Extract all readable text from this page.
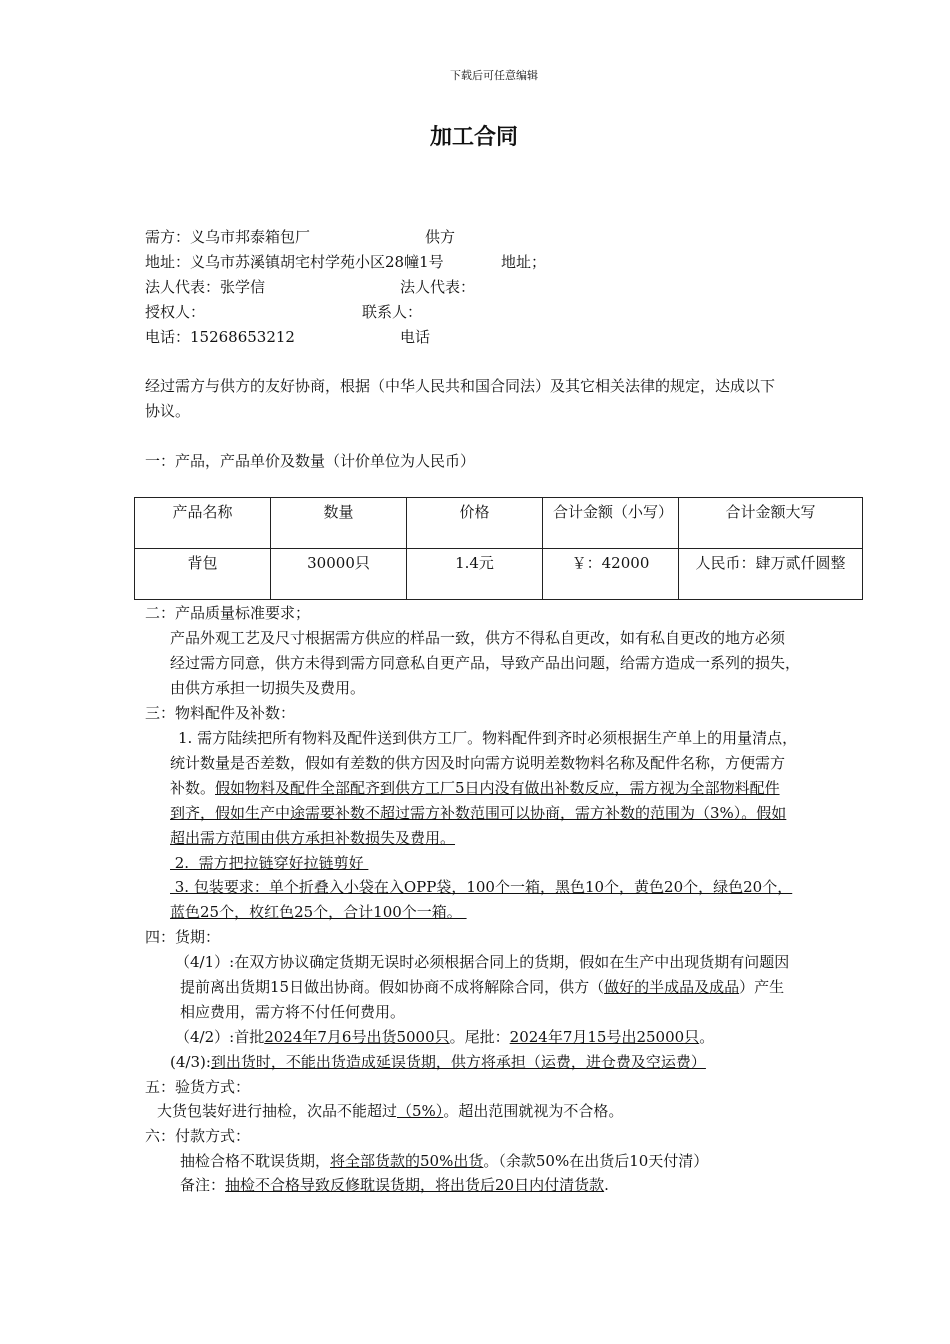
下载后可任意编辑
加工合同
需方：义乌市邦泰箱包厂	供方
地址：义乌市苏溪镇胡宅村学苑小区28幢1号	地址；
法人代表：张学信	法人代表：
授权人：	联系人：
电话：15268653212	电话
经过需方与供方的友好协商，根据（中华人民共和国合同法）及其它相关法律的规定，达成以下
协议。
一：产品，产品单价及数量（计价单位为人民币）
产品名称	数量	价格	合计金额（小写）	合计金额大写
背包	30000只	1.4元	￥：42000	人民币：肆万贰仟圆整
二：产品质量标准要求；
产品外观工艺及尺寸根据需方供应的样品一致，供方不得私自更改，如有私自更改的地方必须
经过需方同意，供方未得到需方同意私自更产品，导致产品出问题，给需方造成一系列的损失，
由供方承担一切损失及费用。
三：物料配件及补数：
1. 需方陆续把所有物料及配件送到供方工厂。物料配件到齐时必须根据生产单上的用量清点，
统计数量是否差数，假如有差数的供方因及时向需方说明差数物料名称及配件名称，方便需方
补数。假如物料及配件全部配齐到供方工厂5日内没有做出补数反应，需方视为全部物料配件
到齐，假如生产中途需要补数不超过需方补数范围可以协商，需方补数的范围为（3%）。假如
超出需方范围由供方承担补数损失及费用。
2.  需方把拉链穿好拉链剪好
3. 包装要求：单个折叠入小袋在入OPP袋，100个一箱，黑色10个，黄色20个，绿色20个，
蓝色25个，枚红色25个，合计100个一箱。
四：货期：
（4/1）:在双方协议确定货期无误时必须根据合同上的货期，假如在生产中出现货期有问题因
提前离出货期15日做出协商。假如协商不成将解除合同，供方（做好的半成品及成品）产生
相应费用，需方将不付任何费用。
（4/2）:首批2024年7月6号出货5000只。尾批：2024年7月15号出25000只。
(4/3):到出货时，不能出货造成延误货期，供方将承担（运费，进仓费及空运费）
五：验货方式：
大货包装好进行抽检，次品不能超过（5%）。超出范围就视为不合格。
六：付款方式：
抽检合格不耽误货期，将全部货款的50%出货。（余款50%在出货后10天付清）
备注：抽检不合格导致反修耽误货期，将出货后20日内付清货款.
